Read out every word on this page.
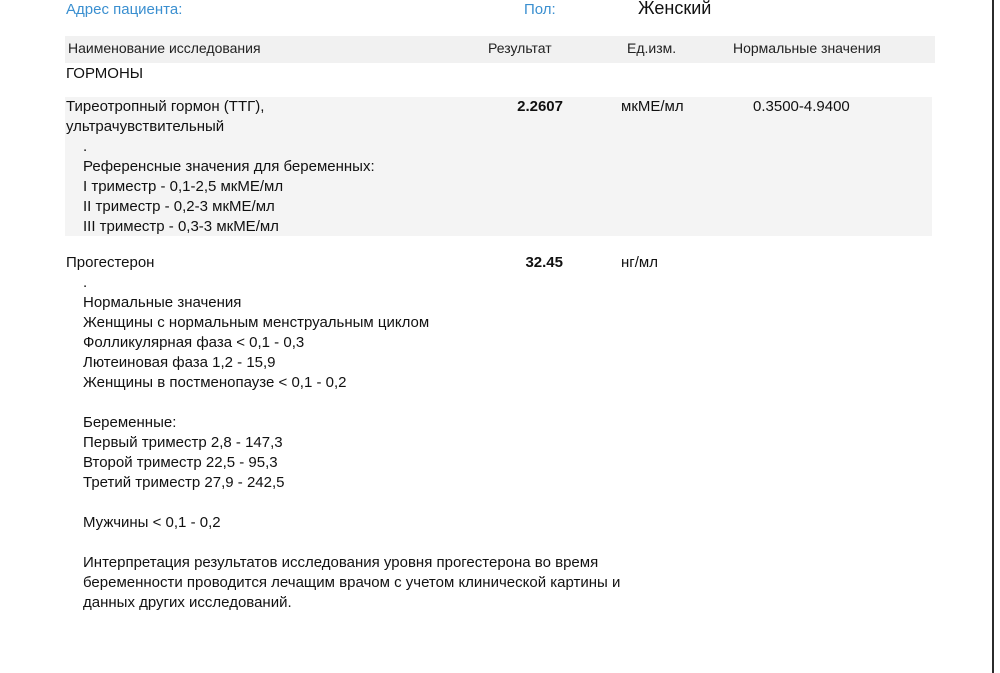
Адрес пациента:	Пол:	Женский
Наименование исследования	Результат	Ед.изм.	Нормальные значения
ГОРМОНЫ
Тиреотропный гормон (ТТГ),
ультрачувствительный
2.2607	мкМЕ/мл	0.3500-4.9400
.
Референсные значения для беременных:
I триместр - 0,1-2,5 мкМЕ/мл
II триместр - 0,2-3 мкМЕ/мл
III триместр - 0,3-3 мкМЕ/мл
Прогестерон	32.45	нг/мл
.
Нормальные значения
Женщины с нормальным менструальным циклом
Фолликулярная фаза < 0,1 - 0,3
Лютеиновая фаза 1,2 - 15,9
Женщины в постменопаузе < 0,1 - 0,2
Беременные:
Первый триместр 2,8 - 147,3
Второй триместр 22,5 - 95,3
Третий триместр 27,9 - 242,5
Мужчины < 0,1 - 0,2
Интерпретация результатов исследования уровня прогестерона во время
беременности проводится лечащим врачом с учетом клинической картины и
данных других исследований.
